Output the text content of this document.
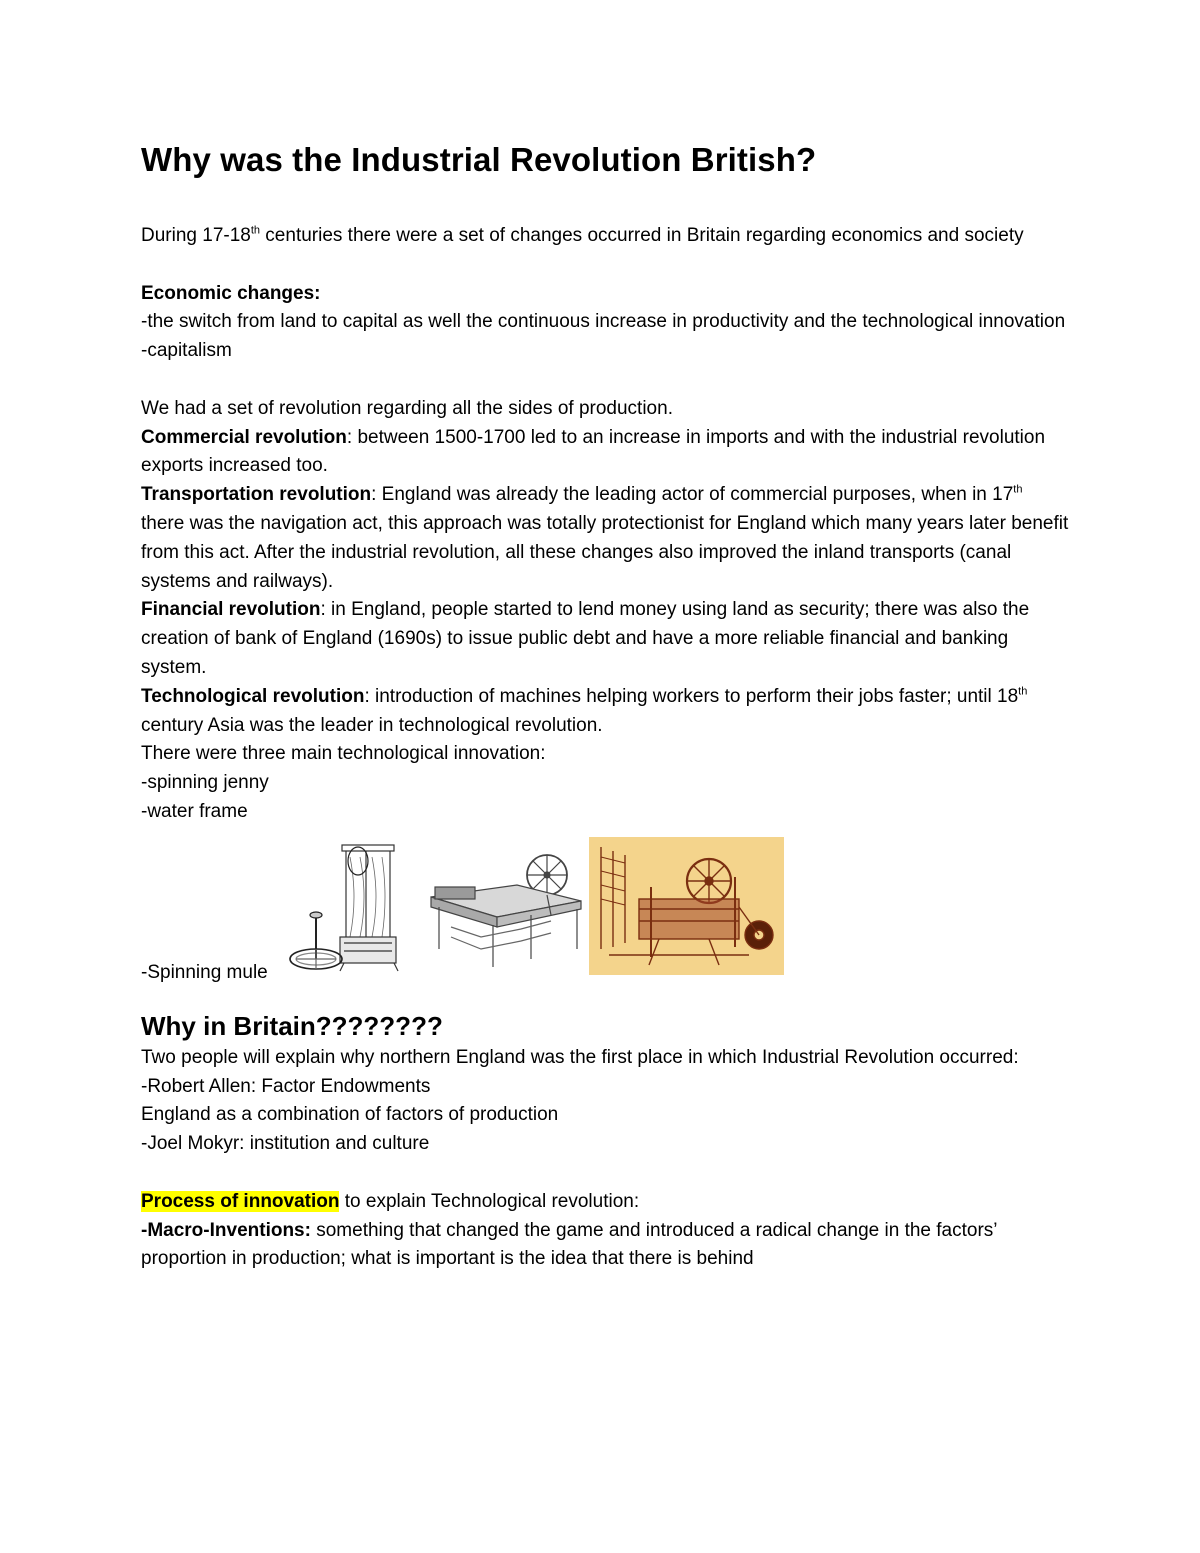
Why was the Industrial Revolution British?

During 17-18th centuries there were a set of changes occurred in Britain regarding economics and society

Economic changes:

-the switch from land to capital as well the continuous increase in productivity and the technological innovation

-capitalism

We had a set of revolution regarding all the sides of production.

Commercial revolution: between 1500-1700 led to an increase in imports and with the industrial revolution exports increased too.

Transportation revolution: England was already the leading actor of commercial purposes, when in 17th there was the navigation act, this approach was totally protectionist for England which many years later benefit from this act. After the industrial revolution, all these changes also improved the inland transports (canal systems and railways).

Financial revolution: in England, people started to lend money using land as security; there was also the creation of bank of England (1690s) to issue public debt and have a more reliable financial and banking system.

Technological revolution: introduction of machines helping workers to perform their jobs faster; until 18th century Asia was the leader in technological revolution.

There were three main technological innovation:

-spinning jenny

-water frame

-Spinning mule

Why in Britain????????

Two people will explain why northern England was the first place in which Industrial Revolution occurred:

-Robert Allen: Factor Endowments

England as a combination of factors of production

-Joel Mokyr: institution and culture

Process of innovation to explain Technological revolution:

-Macro-Inventions: something that changed the game and introduced a radical change in the factors’ proportion in production; what is important is the idea that there is behind
